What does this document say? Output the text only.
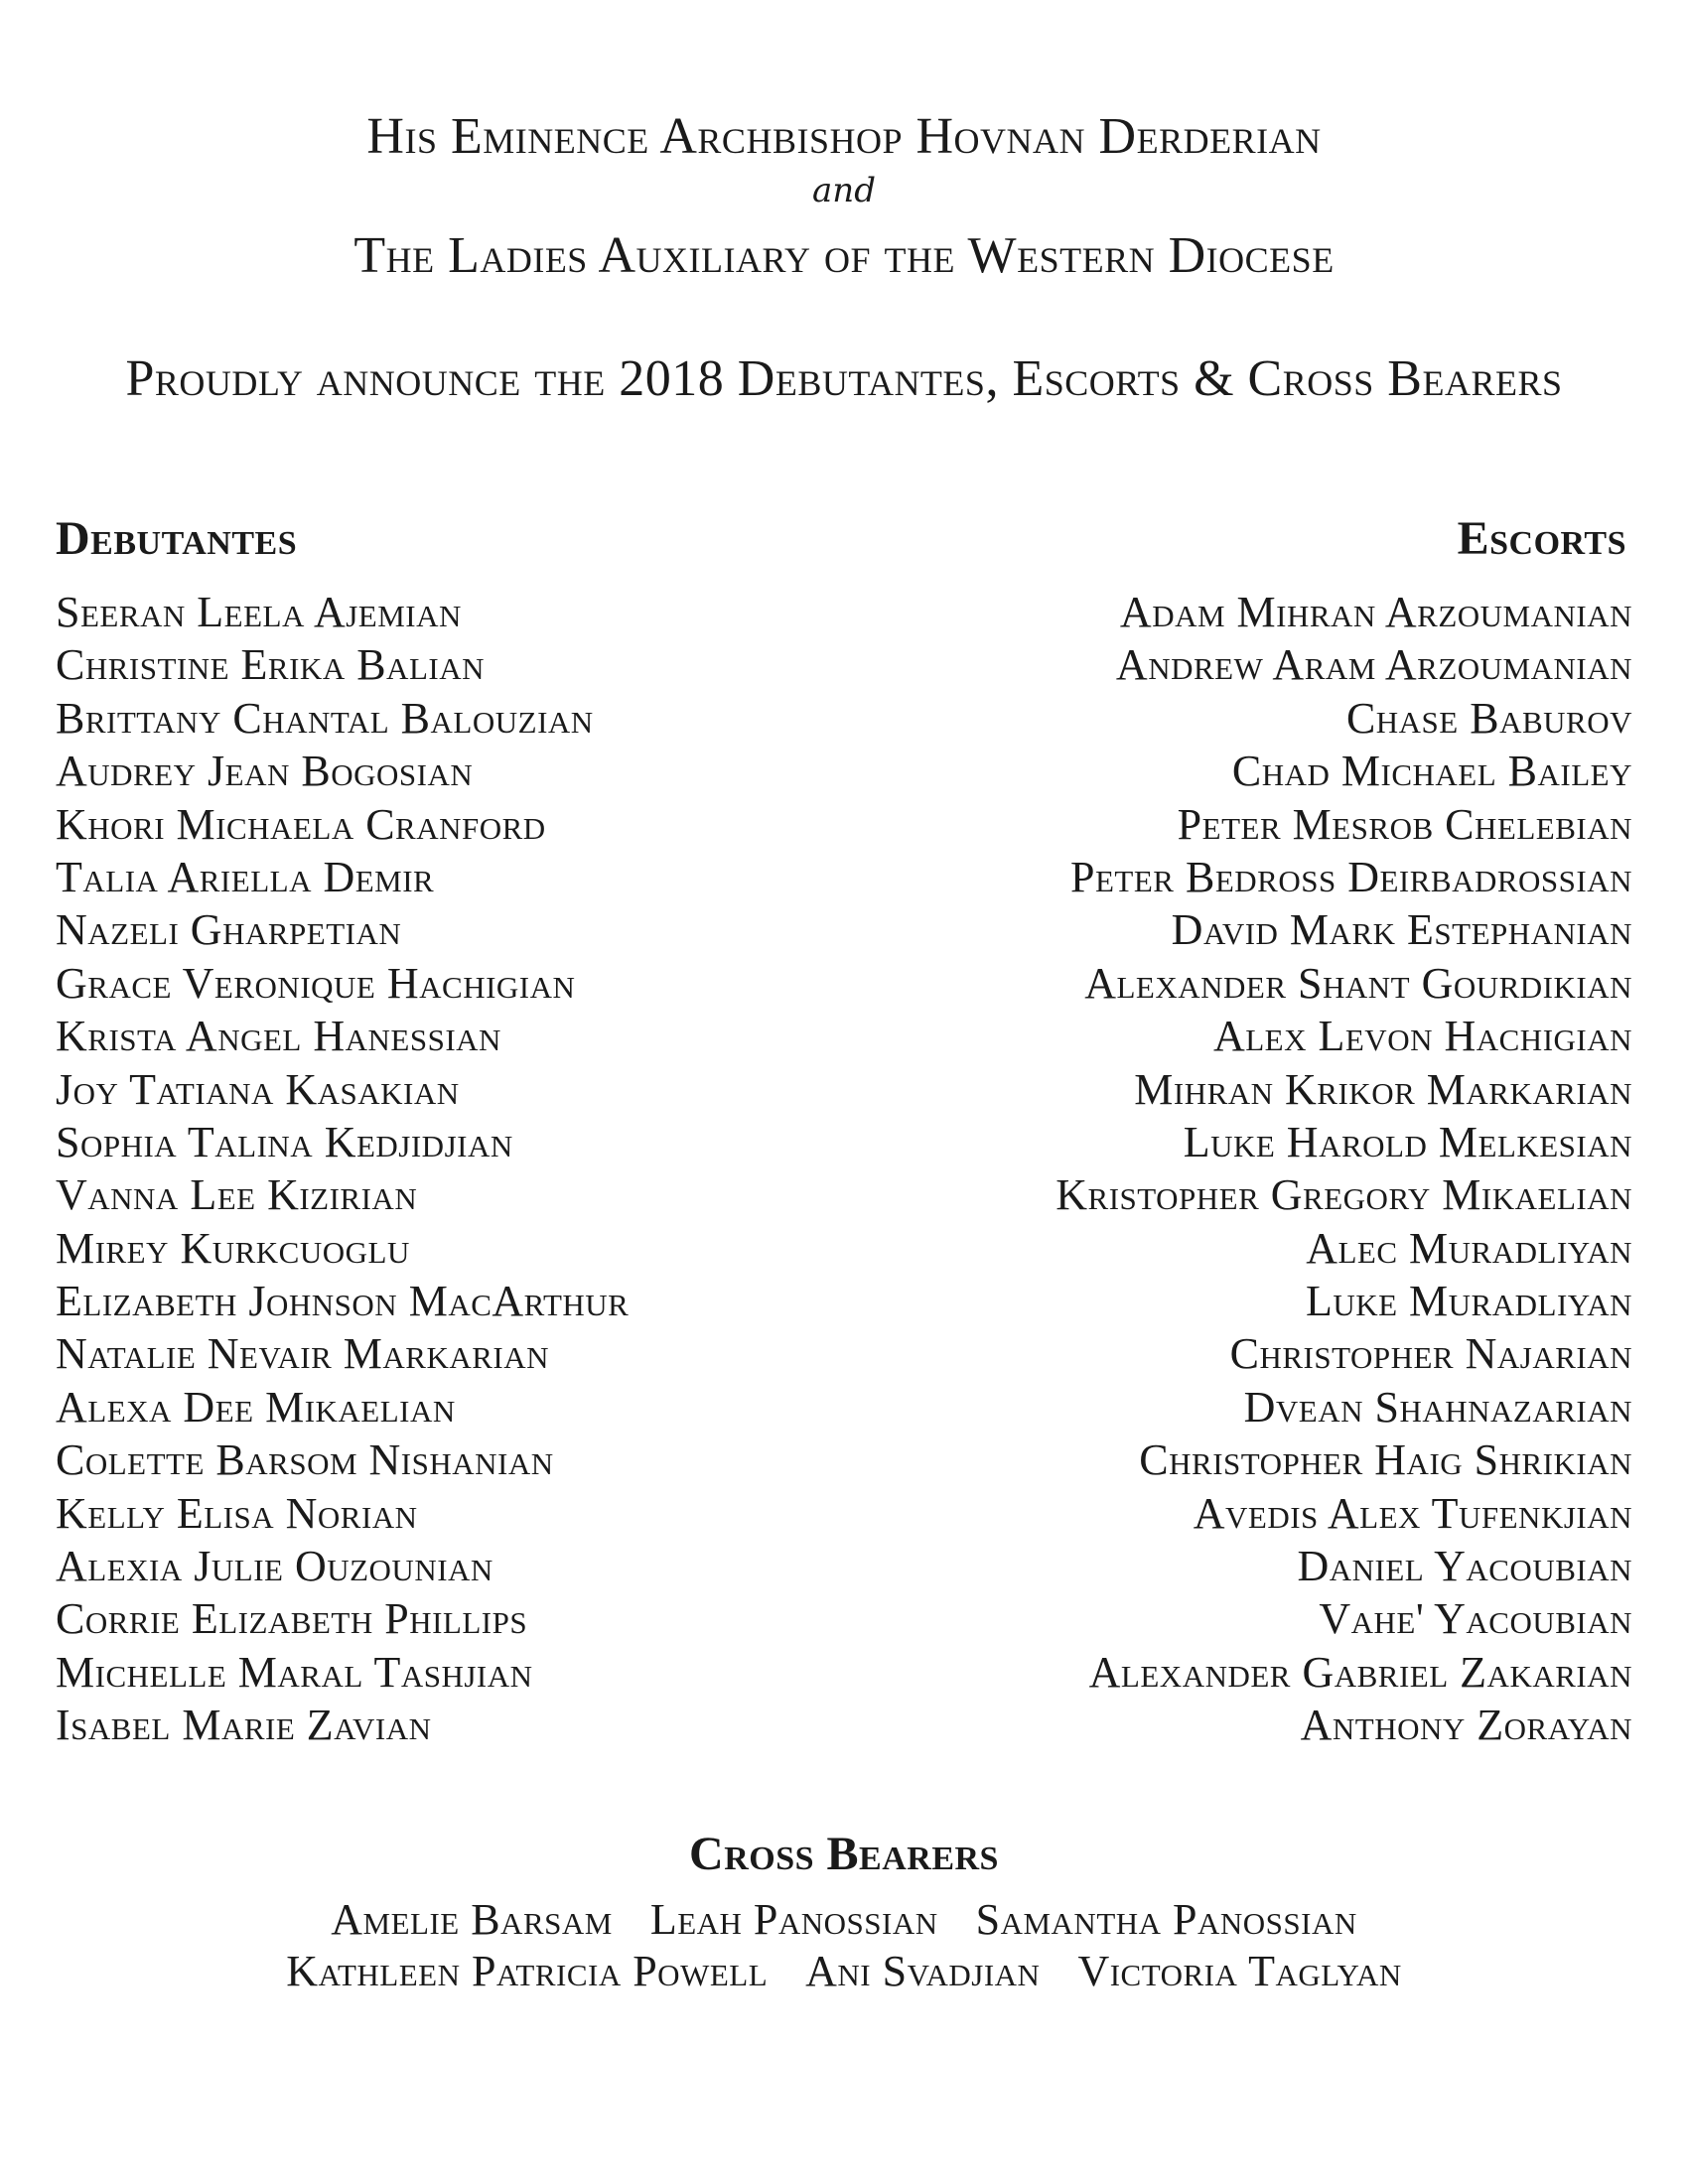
His Eminence Archbishop Hovnan Derderian
and
The Ladies Auxiliary of the Western Diocese
Proudly announce the 2018 Debutantes, Escorts & Cross Bearers
Debutantes	Escorts
Seeran Leela Ajemian
Christine Erika Balian
Brittany Chantal Balouzian
Audrey Jean Bogosian
Khori Michaela Cranford
Talia Ariella Demir
Nazeli Gharpetian
Grace Veronique Hachigian
Krista Angel Hanessian
Joy Tatiana Kasakian
Sophia Talina Kedjidjian
Vanna Lee Kizirian
Mirey Kurkcuoglu
Elizabeth Johnson MacArthur
Natalie Nevair Markarian
Alexa Dee Mikaelian
Colette Barsom Nishanian
Kelly Elisa Norian
Alexia Julie Ouzounian
Corrie Elizabeth Phillips
Michelle Maral Tashjian
Isabel Marie Zavian
Adam Mihran Arzoumanian
Andrew Aram Arzoumanian
Chase Baburov
Chad Michael Bailey
Peter Mesrob Chelebian
Peter Bedross Deirbadrossian
David Mark Estephanian
Alexander Shant Gourdikian
Alex Levon Hachigian
Mihran Krikor Markarian
Luke Harold Melkesian
Kristopher Gregory Mikaelian
Alec Muradliyan
Luke Muradliyan
Christopher Najarian
Dvean Shahnazarian
Christopher Haig Shrikian
Avedis Alex Tufenkjian
Daniel Yacoubian
Vahe' Yacoubian
Alexander Gabriel Zakarian
Anthony Zorayan
Cross Bearers
Amelie Barsam Leah Panossian Samantha Panossian
Kathleen Patricia Powell Ani Svadjian Victoria Taglyan
